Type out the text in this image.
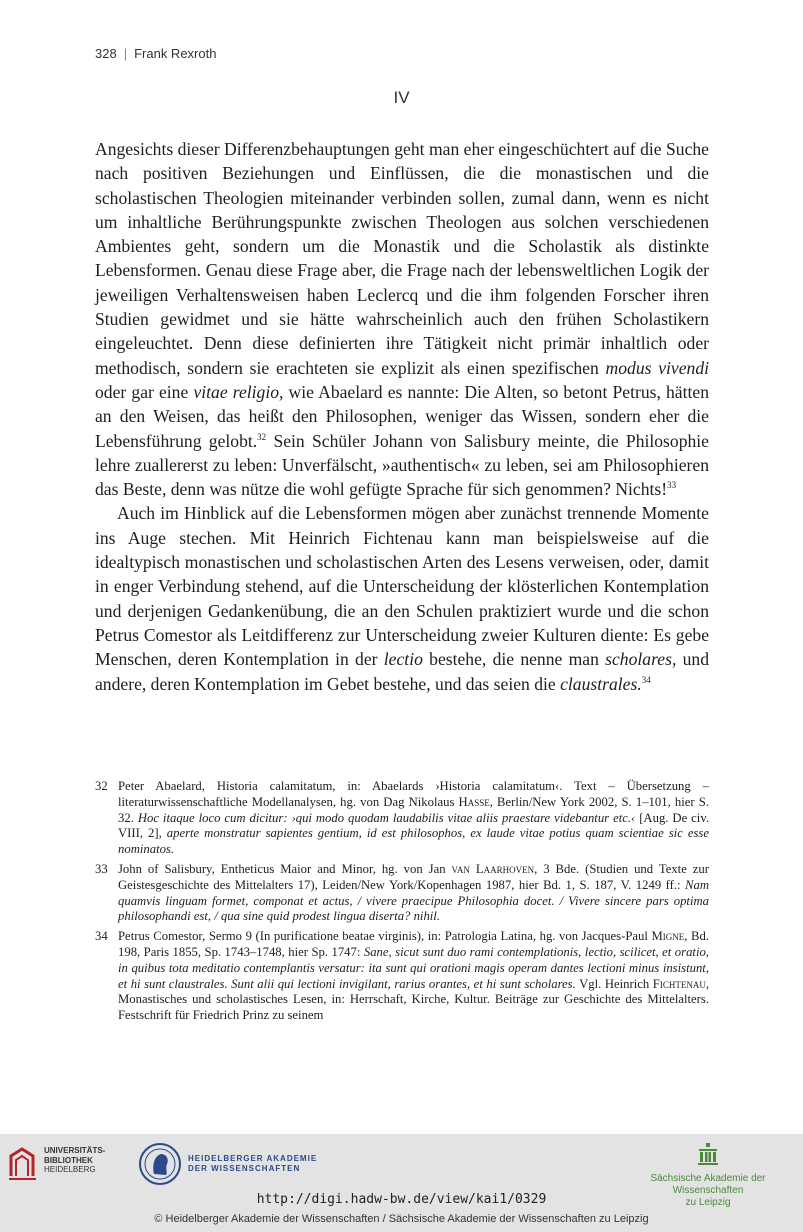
328 | Frank Rexroth
IV

Angesichts dieser Differenzbehauptungen geht man eher eingeschüchtert auf die Suche nach positiven Beziehungen und Einflüssen, die die monastischen und die scholastischen Theologien miteinander verbinden sollen, zumal dann, wenn es nicht um inhaltliche Berührungspunkte zwischen Theologen aus solchen verschiedenen Ambientes geht, sondern um die Monastik und die Scholastik als distinkte Lebensformen. Genau diese Frage aber, die Frage nach der lebensweltlichen Logik der jeweiligen Verhaltensweisen haben Leclercq und die ihm folgenden Forscher ihren Studien gewidmet und sie hätte wahrscheinlich auch den frühen Scholastikern eingeleuchtet. Denn diese definierten ihre Tätigkeit nicht primär inhaltlich oder methodisch, sondern sie erachteten sie explizit als einen spezifischen modus vivendi oder gar eine vitae religio, wie Abaelard es nannte: Die Alten, so betont Petrus, hätten an den Weisen, das heißt den Philosophen, weniger das Wissen, sondern eher die Lebensführung gelobt.$^{32}$ Sein Schüler Johann von Salisbury meinte, die Philosophie lehre zuallererst zu leben: Unverfälscht, »authentisch« zu leben, sei am Philosophieren das Beste, denn was nütze die wohl gefügte Sprache für sich genommen? Nichts!$^{33}$

Auch im Hinblick auf die Lebensformen mögen aber zunächst trennende Momente ins Auge stechen. Mit Heinrich Fichtenau kann man beispielsweise auf die idealtypisch monastischen und scholastischen Arten des Lesens verweisen, oder, damit in enger Verbindung stehend, auf die Unterscheidung der klösterlichen Kontemplation und derjenigen Gedankenübung, die an den Schulen praktiziert wurde und die schon Petrus Comestor als Leitdifferenz zur Unterscheidung zweier Kulturen diente: Es gebe Menschen, deren Kontemplation in der lectio bestehe, die nenne man scholares, und andere, deren Kontemplation im Gebet bestehe, und das seien die claustrales.$^{34}$

32 Peter Abaelard, Historia calamitatum, in: Abaelards ›Historia calamitatum‹. Text – Übersetzung – literaturwissenschaftliche Modellanalysen, hg. von Dag Nikolaus Hasse, Berlin/New York 2002, S. 1–101, hier S. 32. Hoc itaque loco cum dicitur: ›qui modo quodam laudabilis vitae aliis praestare videbantur etc.‹ [Aug. De civ. VIII, 2], aperte monstratur sapientes gentium, id est philosophos, ex laude vitae potius quam scientiae sic esse nominatos.
33 John of Salisbury, Entheticus Maior and Minor, hg. von Jan van Laarhoven, 3 Bde. (Studien und Texte zur Geistesgeschichte des Mittelalters 17), Leiden/New York/Kopenhagen 1987, hier Bd. 1, S. 187, V. 1249 ff.: Nam quamvis linguam formet, componat et actus, / vivere praecipue Philosophia docet. / Vivere sincere pars optima philosophandi est, / qua sine quid prodest lingua diserta? nihil.
34 Petrus Comestor, Sermo 9 (In purificatione beatae virginis), in: Patrologia Latina, hg. von Jacques-Paul Migne, Bd. 198, Paris 1855, Sp. 1743–1748, hier Sp. 1747: Sane, sicut sunt duo rami contemplationis, lectio, scilicet, et oratio, in quibus tota meditatio contemplantis versatur: ita sunt qui orationi magis operam dantes lectioni minus insistunt, et hi sunt claustrales. Sunt alii qui lectioni invigilant, rarius orantes, et hi sunt scholares. Vgl. Heinrich Fichtenau, Monastisches und scholastisches Lesen, in: Herrschaft, Kirche, Kultur. Beiträge zur Geschichte des Mittelalters. Festschrift für Friedrich Prinz zu seinem
UNIVERSITÄTS-
BIBLIOTHEK
HEIDELBERG
HEIDELBERGER AKADEMIE
DER WISSENSCHAFTEN
Sächsische Akademie der Wissenschaften
zu Leipzig
http://digi.hadw-bw.de/view/kai1/0329
© Heidelberger Akademie der Wissenschaften / Sächsische Akademie der Wissenschaften zu Leipzig
